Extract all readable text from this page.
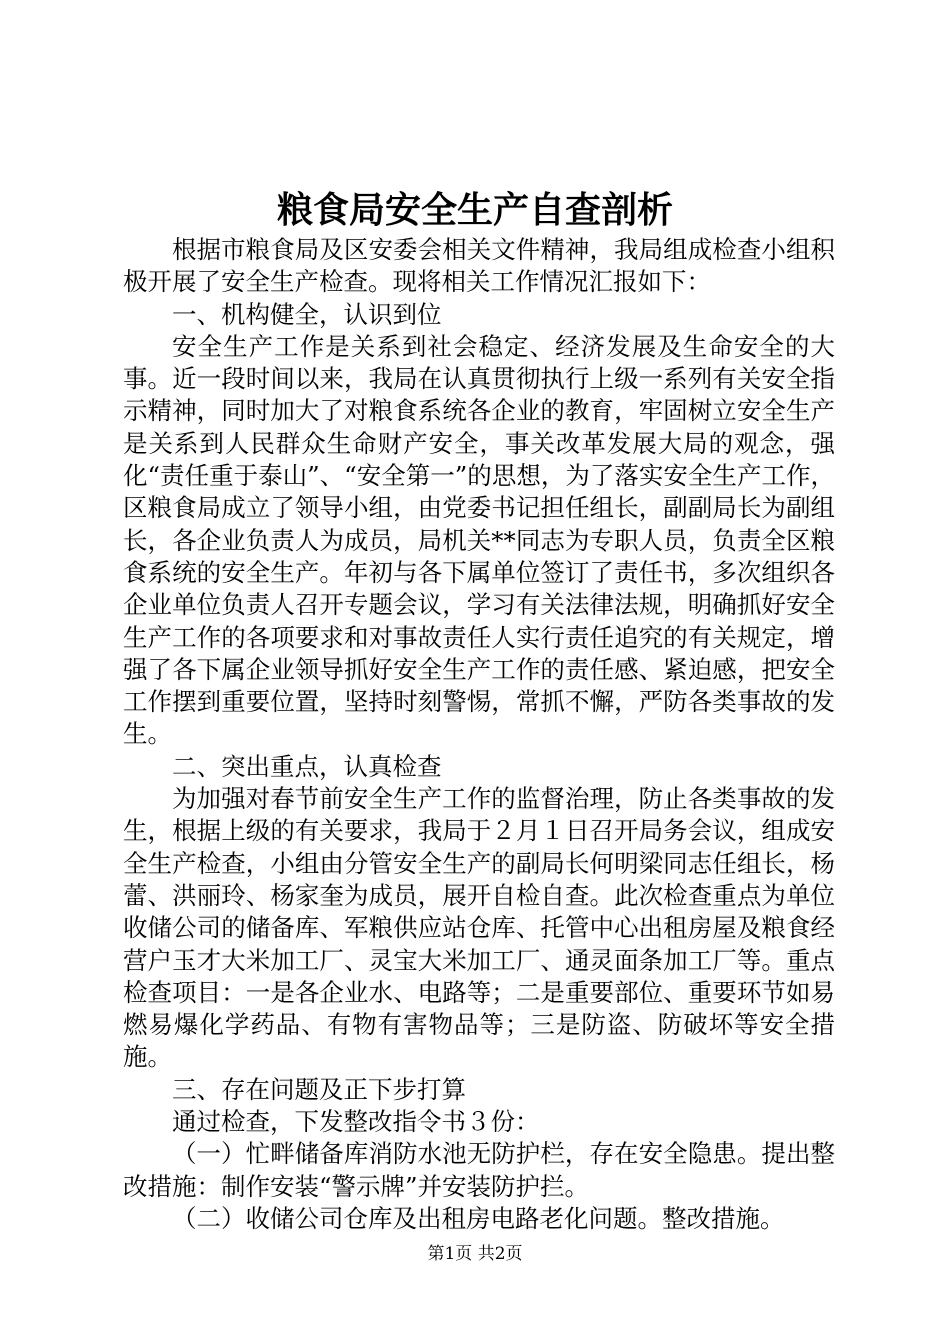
粮食局安全生产自查剖析

根据市粮食局及区安委会相关文件精神，我局组成检查小组积极开展了安全生产检查。现将相关工作情况汇报如下：

一、机构健全，认识到位

安全生产工作是关系到社会稳定、经济发展及生命安全的大事。近一段时间以来，我局在认真贯彻执行上级一系列有关安全指示精神，同时加大了对粮食系统各企业的教育，牢固树立安全生产是关系到人民群众生命财产安全，事关改革发展大局的观念，强化“责任重于泰山”、“安全第一”的思想，为了落实安全生产工作，区粮食局成立了领导小组，由党委书记担任组长，副副局长为副组长，各企业负责人为成员，局机关**同志为专职人员，负责全区粮食系统的安全生产。年初与各下属单位签订了责任书，多次组织各企业单位负责人召开专题会议，学习有关法律法规，明确抓好安全生产工作的各项要求和对事故责任人实行责任追究的有关规定，增强了各下属企业领导抓好安全生产工作的责任感、紧迫感，把安全工作摆到重要位置，坚持时刻警惕，常抓不懈，严防各类事故的发生。

二、突出重点，认真检查

为加强对春节前安全生产工作的监督治理，防止各类事故的发生，根据上级的有关要求，我局于２月１日召开局务会议，组成安全生产检查，小组由分管安全生产的副局长何明梁同志任组长，杨蕾、洪丽玲、杨家奎为成员，展开自检自查。此次检查重点为单位收储公司的储备库、军粮供应站仓库、托管中心出租房屋及粮食经营户玉才大米加工厂、灵宝大米加工厂、通灵面条加工厂等。重点检查项目：一是各企业水、电路等；二是重要部位、重要环节如易燃易爆化学药品、有物有害物品等；三是防盗、防破坏等安全措施。

三、存在问题及正下步打算

通过检查，下发整改指令书３份：

（一）忙畔储备库消防水池无防护栏，存在安全隐患。提出整改措施：制作安装“警示牌”并安装防护拦。

（二）收储公司仓库及出租房电路老化问题。整改措施。

第1页 共2页
